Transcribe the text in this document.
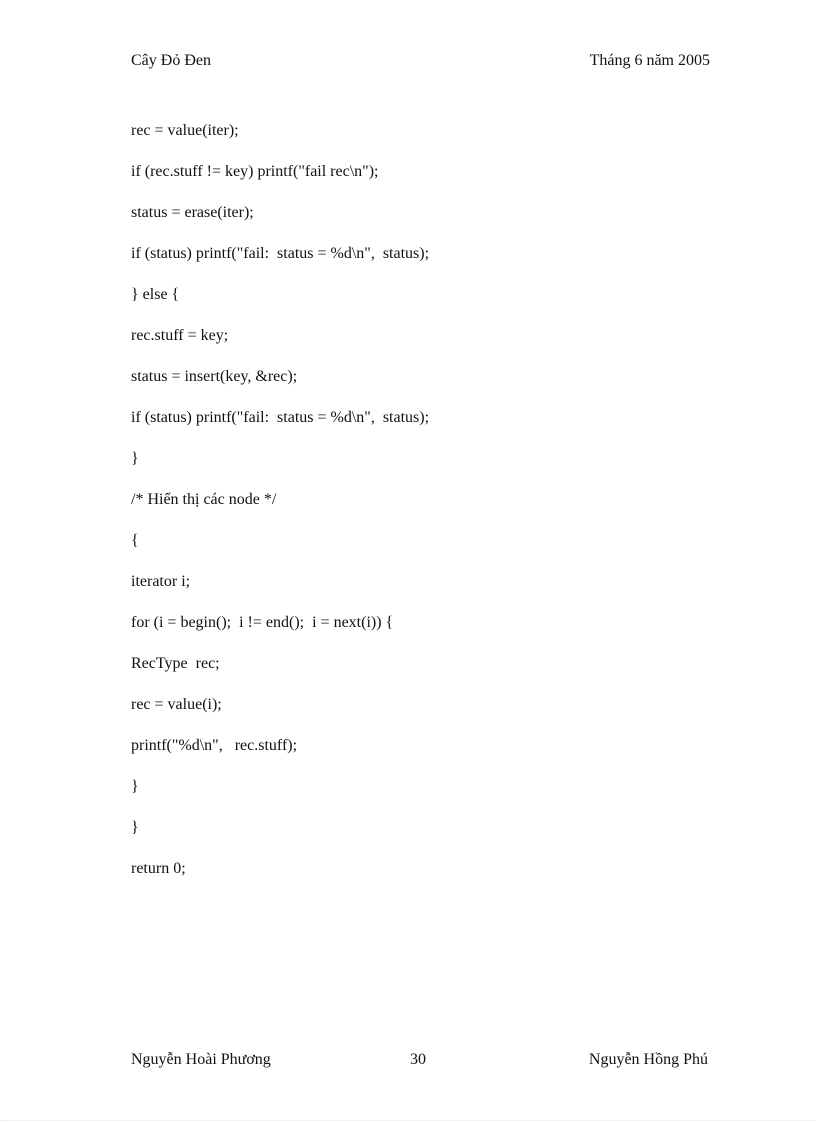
Cây Đỏ Đen	Tháng 6 năm 2005
rec = value(iter);
if (rec.stuff != key) printf("fail rec\n");
status = erase(iter);
if (status) printf("fail:  status = %d\n",  status);
} else {
rec.stuff = key;
status = insert(key, &rec);
if (status) printf("fail:  status = %d\n",  status);
}
/* Hiển thị các node */
{
iterator i;
for (i = begin();  i != end();  i = next(i)) {
RecType  rec;
rec = value(i);
printf("%d\n",   rec.stuff);
}
}
return 0;
Nguyễn Hoài Phương	30	Nguyễn Hồng Phú
